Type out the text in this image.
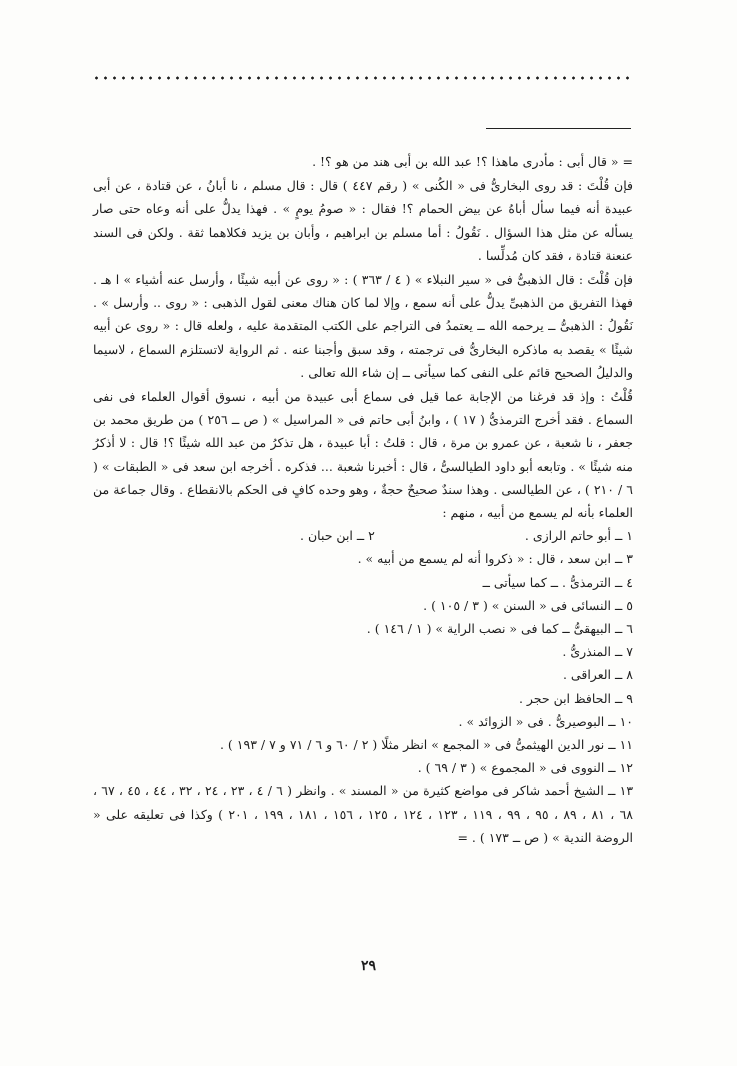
= « قال أبى : مأدرى ماهذا ؟! عبد الله بن أبى هند من هو ؟! .

فإن قُلْتَ : قد روى البخارىُّ فى « الكُنى » ( رقم ٤٤٧ ) قال : قال مسلم ، نا أبانُ ، عن قتادة ، عن أبى عبيدة أنه فيما سأل أباهُ عن بيض الحمام ؟! فقال : « صومُ يومٍ » . فهذا يدلُّ على أنه وعاه حتى صار يسأله عن مثل هذا السؤال . نَقُولُ : أما مسلم بن ابراهيم ، وأبان بن يزيد فكلاهما ثقة . ولكن فى السند عنعنة قتادة ، فقد كان مُدلِّسا .

فإن قُلْتَ : قال الذهبىُّ فى « سير النبلاء » ( ٤ / ٣٦٣ ) : « روى عن أبيه شيئًا ، وأرسل عنه أشياء » ا هـ . فهذا التفريق من الذهبىِّ يدلُّ على أنه سمع ، وإلا لما كان هناك معنى لقول الذهبى : « روى .. وأرسل » . نَقُولُ : الذهبىُّ ــ يرحمه الله ــ يعتمدُ فى التراجم على الكتب المتقدمة عليه ، ولعله قال : « روى عن أبيه شيئًا » يقصد به ماذكره البخارىُّ فى ترجمته ، وقد سبق وأجبنا عنه . ثم الرواية لاتستلزم السماع ، لاسيما والدليلُ الصحيح قائم على النفى كما سيأتى ــ إن شاء الله تعالى .

قُلْتُ : وإذ قد فرغنا من الإجابة عما قيل فى سماع أبى عبيدة من أبيه ، نسوق أقوال العلماء فى نفى السماع . فقد أخرج الترمذىُّ ( ١٧ ) ، وابنُ أبى حاتم فى « المراسيل » ( ص ــ ٢٥٦ ) من طريق محمد بن جعفر ، نا شعبة ، عن عمرو بن مرة ، قال : قلتُ : أبا عبيدة ، هل تذكرُ من عبد الله شيئًا ؟! قال : لا أذكرُ منه شيئًا » . وتابعه أبو داود الطيالسىُّ ، قال : أخبرنا شعبة ... فذكره . أخرجه ابن سعد فى « الطبقات » ( ٦ / ٢١٠ ) ، عن الطيالسى . وهذا سندٌ صحيحٌ حجةٌ ، وهو وحده كافٍ فى الحكم بالانقطاع . وقال جماعة من العلماء بأنه لم يسمع من أبيه ، منهم :

١ ــ أبو حاتم الرازى .٢ ــ ابن حبان .
٣ ــ ابن سعد ، قال : « ذكروا أنه لم يسمع من أبيه » .
٤ ــ الترمذىُّ . ــ كما سيأتى ــ
٥ ــ النسائى فى « السنن » ( ٣ / ١٠٥ ) .
٦ ــ البيهقىُّ ــ كما فى « نصب الراية » ( ١ / ١٤٦ ) .
٧ ــ المنذرىُّ .
٨ ــ العراقى .
٩ ــ الحافظ ابن حجر .
١٠ ــ البوصيرىُّ . فى « الزوائد » .
١١ ــ نور الدين الهيثمىُّ فى « المجمع » انظر مثلًا ( ٢ / ٦٠ و ٦ / ٧١ و ٧ / ١٩٣ ) .
١٢ ــ النووى فى « المجموع » ( ٣ / ٦٩ ) .

١٣ ــ الشيخ أحمد شاكر فى مواضع كثيرة من « المسند » . وانظر ( ٦ / ٤ ، ٢٣ ، ٢٤ ، ٣٢ ، ٤٤ ، ٤٥ ، ٦٧ ، ٦٨ ، ٨١ ، ٨٩ ، ٩٥ ، ٩٩ ، ١١٩ ، ١٢٣ ، ١٢٤ ، ١٢٥ ، ١٥٦ ، ١٨١ ، ١٩٩ ، ٢٠١ ) وكذا فى تعليقه على « الروضة الندية » ( ص ــ ١٧٣ ) . =

٢٩
